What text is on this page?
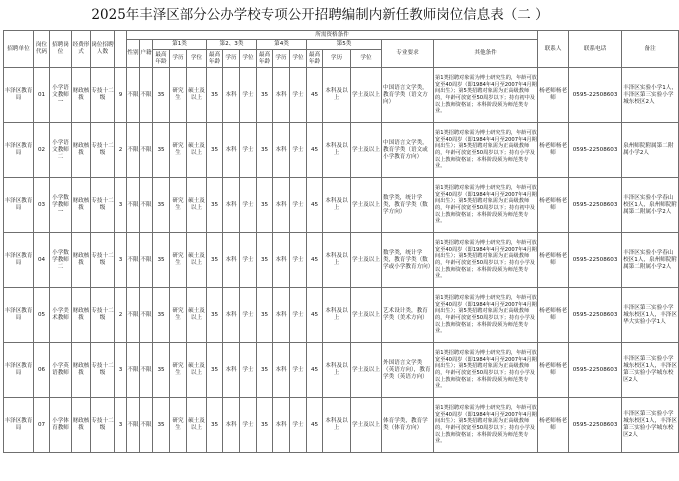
2025年丰泽区部分公办学校专项公开招聘编制内新任教师岗位信息表（二 ）
招聘单位	岗位代码	招聘岗位	经费形式	岗位招聘人数		所需资格条件																联系人	联系电话	备注
						性别	户籍	第1类			第2、3类			第4类			第5类			专业要求	其他条件			
								最高年龄	学历	学位	最高年龄	学历	学位	最高年龄	学历	学位	最高年龄	学历	学位					
丰泽区教育局	01	小学语文教师一	财政核拨	专技十二级	9	不限	不限	35	研究生	硕士及以上	35	本科	学士	35	本科	学士	45	本科及以上	学士及以上	中国语言文学类，教育学类（语文方向）	第1类招聘对象需为博士研究生的，年龄可放宽至40周岁（即1984年4月至2007年4月期间出生）；第5类招聘对象需为正高级教师的，年龄可放宽至50周岁以下；持有初中及以上教师资格证；本科阶段须为师范类专业。	杨老师杨老师	0595-22508603	丰泽区实验小学1人，丰泽区第三实验小学城东校区2人
丰泽区教育局	02	小学语文教师二	财政核拨	专技十二级	2	不限	不限	35	研究生	硕士及以上	35	本科	学士	35	本科	学士	45	本科及以上	学士及以上	中国语言文学类，教育学类（语文或小学教育方向）	第1类招聘对象需为博士研究生的，年龄可放宽至40周岁（即1984年4月至2007年4月期间出生）；第5类招聘对象需为正高级教师的，年龄可放宽至50周岁以下；持有小学及以上教师资格证；本科阶段须为师范类专业。	杨老师杨老师	0595-22508603	泉州师院附属第二附属小学2人
丰泽区教育局	03	小学数学教师一	财政核拨	专技十二级	3	不限	不限	35	研究生	硕士及以上	35	本科	学士	35	本科	学士	45	本科及以上	学士及以上	数学类，统计学类，教育学类（数学方向）	第1类招聘对象需为博士研究生的，年龄可放宽至40周岁（即1984年4月至2007年4月期间出生）；第5类招聘对象需为正高级教师的，年龄可放宽至50周岁以下；持有初中及以上教师资格证；本科阶段须为师范类专业。	杨老师杨老师	0595-22508603	丰泽区实验小学春山校区1人，泉州师院附属第二附属小学2人
丰泽区教育局	04	小学数学教师二	财政核拨	专技十二级	3	不限	不限	35	研究生	硕士及以上	35	本科	学士	35	本科	学士	45	本科及以上	学士及以上	数学类，统计学类，教育学类（数学或小学教育方向）	第1类招聘对象需为博士研究生的，年龄可放宽至40周岁（即1984年4月至2007年4月期间出生）；第5类招聘对象需为正高级教师的，年龄可放宽至50周岁以下；持有小学及以上教师资格证；本科阶段须为师范类专业。	杨老师杨老师	0595-22508603	丰泽区实验小学春山校区1人，泉州师院附属第二附属小学2人
丰泽区教育局	05	小学美术教师	财政核拨	专技十二级	2	不限	不限	35	研究生	硕士及以上	35	本科	学士	35	本科	学士	45	本科及以上	学士及以上	艺术设计类，教育学类（美术方向）	第1类招聘对象需为博士研究生的，年龄可放宽至40周岁（即1984年4月至2007年4月期间出生）；第5类招聘对象需为正高级教师的，年龄可放宽至50周岁以下；持有小学及以上教师资格证；本科阶段须为师范类专业。	杨老师杨老师	0595-22508603	丰泽区第三实验小学城东校区1人，丰泽区华大实验小学1人
丰泽区教育局	06	小学英语教师	财政核拨	专技十二级	3	不限	不限	35	研究生	硕士及以上	35	本科	学士	35	本科	学士	45	本科及以上	学士及以上	外国语言文学类（英语方向），教育学类（英语方向）	第1类招聘对象需为博士研究生的，年龄可放宽至40周岁（即1984年4月至2007年4月期间出生）；第5类招聘对象需为正高级教师的，年龄可放宽至50周岁以下；持有小学及以上教师资格证；本科阶段须为师范类专业。	杨老师杨老师	0595-22508603	丰泽区第三实验小学城东校区1人，丰泽区第三实验小学城东校区2人
丰泽区教育局	07	小学体育教师	财政核拨	专技十二级	3	不限	不限	35	研究生	硕士及以上	35	本科	学士	35	本科	学士	45	本科及以上	学士及以上	体育学类，教育学类（体育方向）	第1类招聘对象需为博士研究生的，年龄可放宽至40周岁（即1984年4月至2007年4月期间出生）；第5类招聘对象需为正高级教师的，年龄可放宽至50周岁以下；持有小学及以上教师资格证；本科阶段须为师范类专业。	杨老师杨老师	0595-22508603	丰泽区第三实验小学城东校区1人，丰泽区第三实验小学城东校区2人
